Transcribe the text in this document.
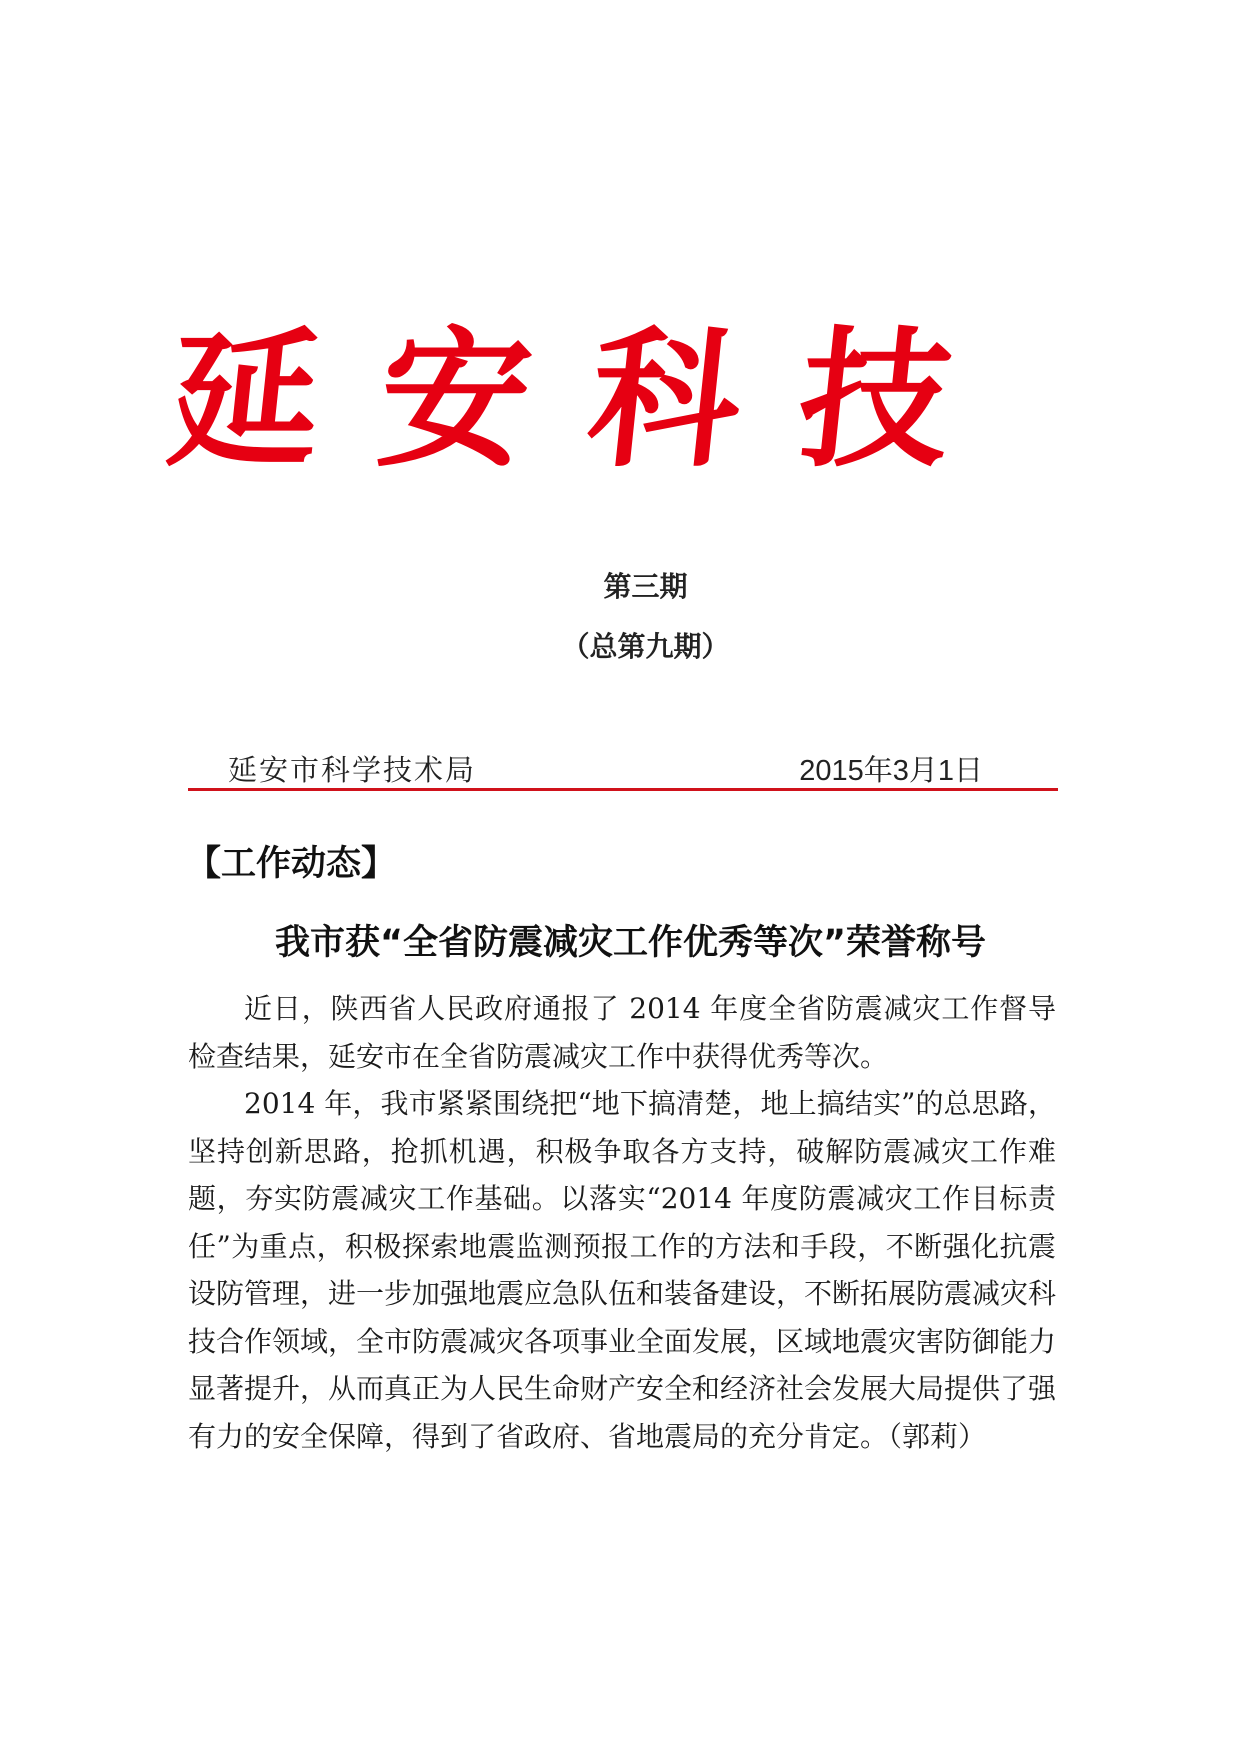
延 安 科 技
第三期
（总第九期）
延安市科学技术局	2015年3月1日
【工作动态】
我市获“全省防震减灾工作优秀等次”荣誉称号

近日，陕西省人民政府通报了 2014 年度全省防震减灾工作督导检查结果，延安市在全省防震减灾工作中获得优秀等次。

2014 年，我市紧紧围绕把“地下搞清楚，地上搞结实”的总思路，坚持创新思路，抢抓机遇，积极争取各方支持，破解防震减灾工作难题，夯实防震减灾工作基础。以落实“2014 年度防震减灾工作目标责任”为重点，积极探索地震监测预报工作的方法和手段，不断强化抗震设防管理，进一步加强地震应急队伍和装备建设，不断拓展防震减灾科技合作领域，全市防震减灾各项事业全面发展，区域地震灾害防御能力显著提升，从而真正为人民生命财产安全和经济社会发展大局提供了强有力的安全保障，得到了省政府、省地震局的充分肯定。（郭莉）
